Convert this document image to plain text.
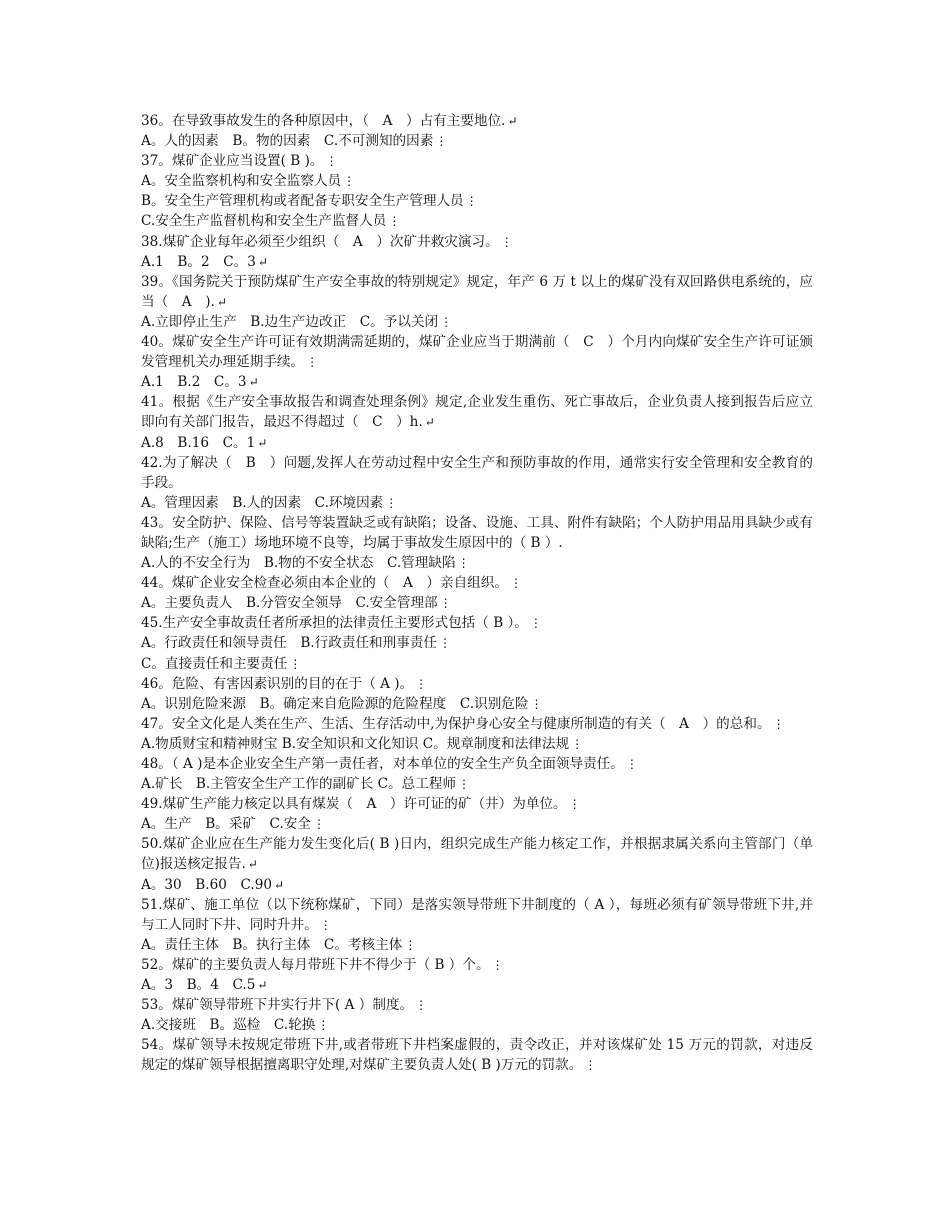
36。在导致事故发生的各种原因中，（　A　）占有主要地位. ↵
A。人的因素　B。物的因素　C.不可测知的因素 ⋮
37。煤矿企业应当设置( B )。 ⋮
A。安全监察机构和安全监察人员 ⋮
B。安全生产管理机构或者配备专职安全生产管理人员 ⋮
C.安全生产监督机构和安全生产监督人员 ⋮
38.煤矿企业每年必须至少组织（　A　）次矿井救灾演习。 ⋮
A.1　B。2　C。3 ↵
39。《国务院关于预防煤矿生产安全事故的特别规定》规定，年产 6 万 t 以上的煤矿没有双回路供电系统的，应当（　A　). ↵
A.立即停止生产　B.边生产边改正　C。予以关闭 ⋮
40。煤矿安全生产许可证有效期满需延期的，煤矿企业应当于期满前（　C　）个月内向煤矿安全生产许可证颁发管理机关办理延期手续。 ⋮
A.1　B.2　C。3 ↵
41。根据《生产安全事故报告和调查处理条例》规定,企业发生重伤、死亡事故后，企业负责人接到报告后应立即向有关部门报告，最迟不得超过（　C　）h. ↵
A.8　B.16　C。1 ↵
42.为了解决（　B　）问题,发挥人在劳动过程中安全生产和预防事故的作用，通常实行安全管理和安全教育的手段。
A。管理因素　B.人的因素　C.环境因素 ⋮
43。安全防护、保险、信号等装置缺乏或有缺陷；设备、设施、工具、附件有缺陷；个人防护用品用具缺少或有缺陷;生产（施工）场地环境不良等，均属于事故发生原因中的（ B ）.
A.人的不安全行为　B.物的不安全状态　C.管理缺陷 ⋮
44。煤矿企业安全检查必须由本企业的（　A　）亲自组织。 ⋮
A。主要负责人　B.分管安全领导　C.安全管理部 ⋮
45.生产安全事故责任者所承担的法律责任主要形式包括（ B ）。 ⋮
A。行政责任和领导责任　B.行政责任和刑事责任 ⋮
C。直接责任和主要责任 ⋮
46。危险、有害因素识别的目的在于（ A )。 ⋮
A。识别危险来源　B。确定来自危险源的危险程度　C.识别危险 ⋮
47。安全文化是人类在生产、生活、生存活动中,为保护身心安全与健康所制造的有关（　A　）的总和。 ⋮
A.物质财宝和精神财宝 B.安全知识和文化知识 C。规章制度和法律法规 ⋮
48。（ A )是本企业安全生产第一责任者，对本单位的安全生产负全面领导责任。 ⋮
A.矿长　B.主管安全生产工作的副矿长 C。总工程师 ⋮
49.煤矿生产能力核定以具有煤炭（　A　）许可证的矿（井）为单位。 ⋮
A。生产　B。采矿　C.安全 ⋮
50.煤矿企业应在生产能力发生变化后( B )日内，组织完成生产能力核定工作，并根据隶属关系向主管部门（单位)报送核定报告. ↵
A。30　B.60　C.90 ↵
51.煤矿、施工单位（以下统称煤矿，下同）是落实领导带班下井制度的（ A ），每班必须有矿领导带班下井,并与工人同时下井、同时升井。 ⋮
A。责任主体　B。执行主体　C。考核主体 ⋮
52。煤矿的主要负责人每月带班下井不得少于（ B ）个。 ⋮
A。3　B。4　C.5 ↵
53。煤矿领导带班下井实行井下( A ）制度。 ⋮
A.交接班　B。巡检　C.轮换 ⋮
54。煤矿领导未按规定带班下井,或者带班下井档案虚假的，责令改正，并对该煤矿处 15 万元的罚款，对违反规定的煤矿领导根据擅离职守处理,对煤矿主要负责人处( B )万元的罚款。 ⋮
